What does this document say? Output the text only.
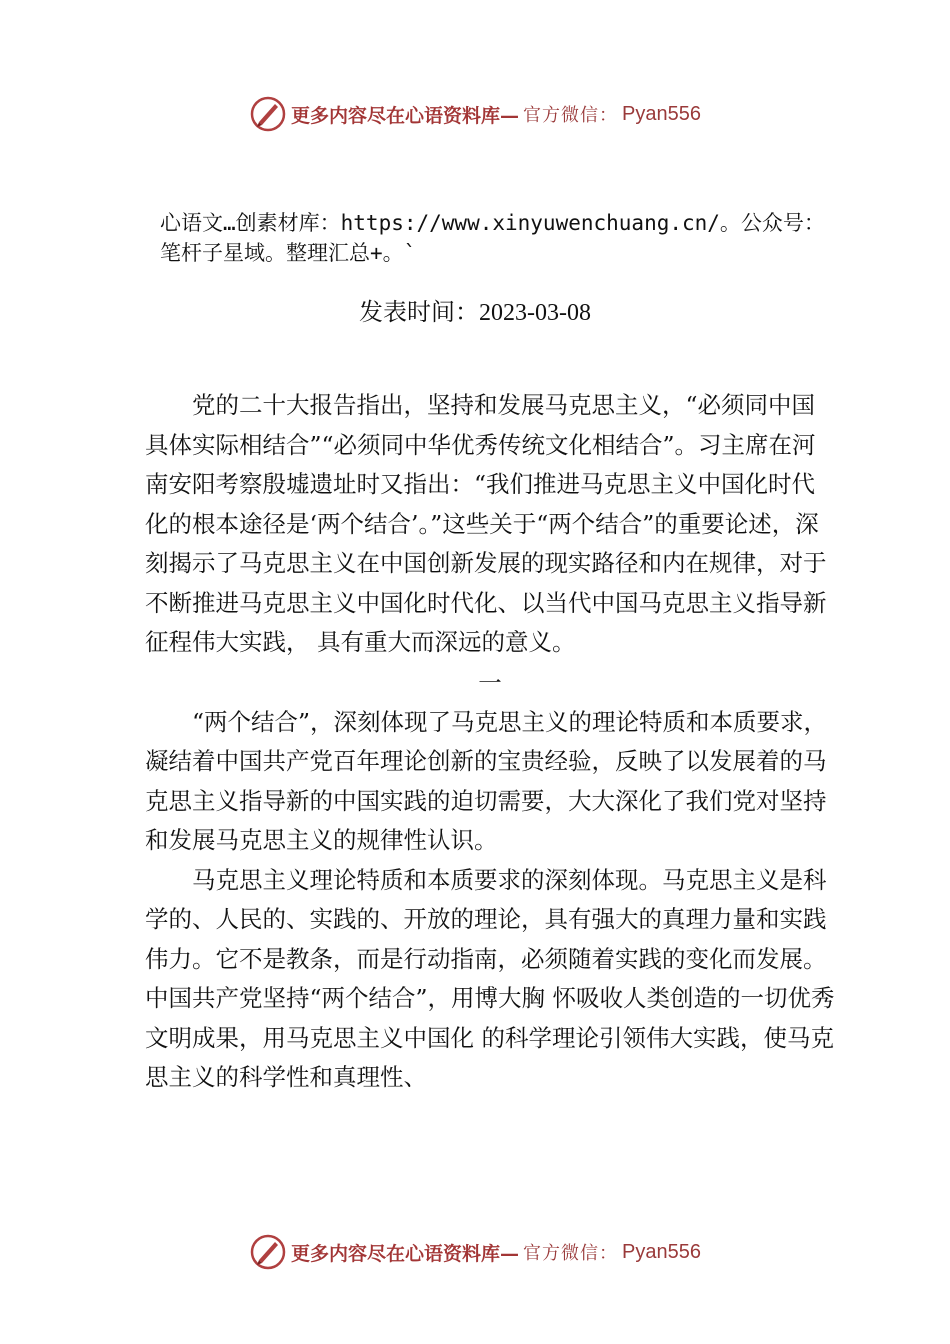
更多内容尽在心语资料库— 官方微信： Pyan556
心语文…创素材库：https://www.xinyuwenchuang.cn/。公众号：笔杆子星域。整理汇总+。`
发表时间：2023-03-08

党的二十大报告指出，坚持和发展马克思主义，“必须同中国具体实际相结合”“必须同中华优秀传统文化相结合”。习主席在河南安阳考察殷墟遗址时又指出：“我们推进马克思主义中国化时代化的根本途径是‘两个结合’。”这些关于“两个结合”的重要论述，深刻揭示了马克思主义在中国创新发展的现实路径和内在规律，对于不断推进马克思主义中国化时代化、以当代中国马克思主义指导新征程伟大实践， 具有重大而深远的意义。

一

“两个结合”，深刻体现了马克思主义的理论特质和本质要求，凝结着中国共产党百年理论创新的宝贵经验，反映了以发展着的马克思主义指导新的中国实践的迫切需要，大大深化了我们党对坚持和发展马克思主义的规律性认识。

马克思主义理论特质和本质要求的深刻体现。马克思主义是科学的、人民的、实践的、开放的理论，具有强大的真理力量和实践伟力。它不是教条，而是行动指南，必须随着实践的变化而发展。中国共产党坚持“两个结合”，用博大胸 怀吸收人类创造的一切优秀文明成果，用马克思主义中国化 的科学理论引领伟大实践，使马克思主义的科学性和真理性、

更多内容尽在心语资料库— 官方微信： Pyan556
